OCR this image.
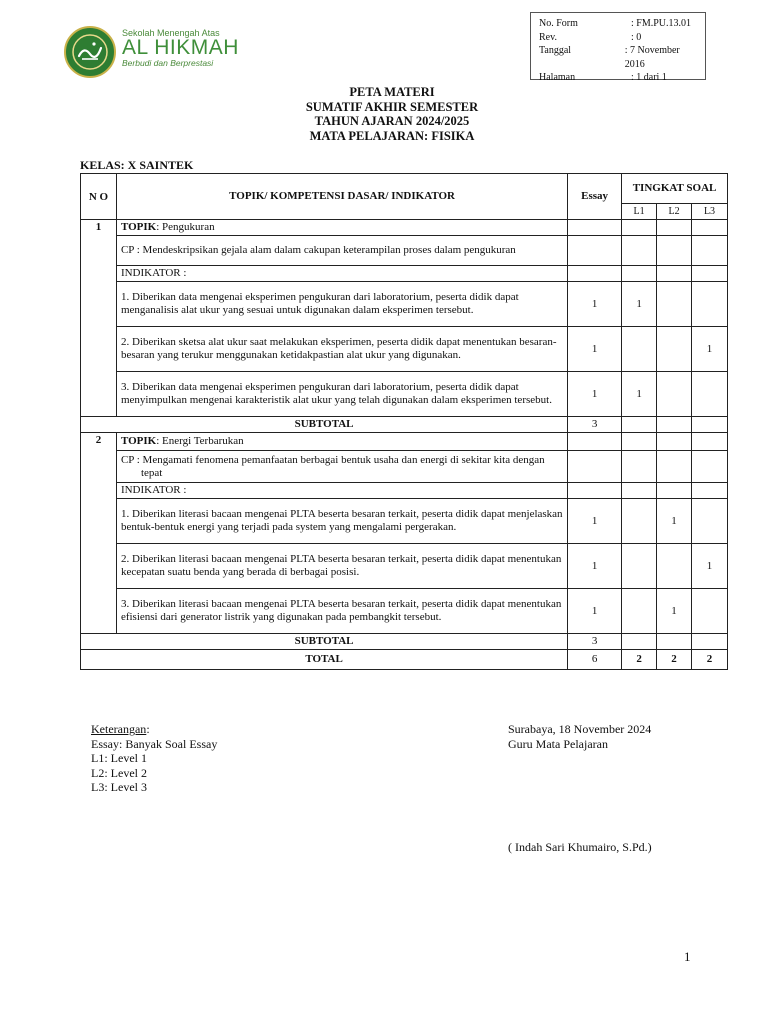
Sekolah Menengah Atas
AL HIKMAH
Berbudi dan Berprestasi
No. Form	: FM.PU.13.01
Rev.	: 0
Tanggal	: 7 November 2016
Halaman	: 1 dari 1
PETA MATERI
SUMATIF AKHIR SEMESTER
TAHUN AJARAN 2024/2025
MATA PELAJARAN: FISIKA
KELAS: X SAINTEK
N O	TOPIK/ KOMPETENSI DASAR/ INDIKATOR	Essay	TINGKAT SOAL		
			L1	L2	L3
1	TOPIK: Pengukuran				
	CP : Mendeskripsikan gejala alam dalam cakupan keterampilan proses dalam pengukuran				
	INDIKATOR :				
	1. Diberikan data mengenai eksperimen pengukuran dari laboratorium, peserta didik dapat menganalisis alat ukur yang sesuai untuk digunakan dalam eksperimen tersebut.	1	1		
	2. Diberikan sketsa alat ukur saat melakukan eksperimen, peserta didik dapat menentukan besaran-besaran yang terukur menggunakan ketidakpastian alat ukur yang digunakan.	1			1
	3. Diberikan data mengenai eksperimen pengukuran dari laboratorium, peserta didik dapat menyimpulkan mengenai karakteristik alat ukur yang telah digunakan dalam eksperimen tersebut.	1	1		
SUBTOTAL		3			
2	TOPIK: Energi Terbarukan				
	CP : Mengamati fenomena pemanfaatan berbagai bentuk usaha dan energi di sekitar kita dengan tepat				
	INDIKATOR :				
	1. Diberikan literasi bacaan mengenai PLTA beserta besaran terkait, peserta didik dapat menjelaskan bentuk-bentuk energi yang terjadi pada system yang mengalami pergerakan.	1		1	
	2. Diberikan literasi bacaan mengenai PLTA beserta besaran terkait, peserta didik dapat menentukan kecepatan suatu benda yang berada di berbagai posisi.	1			1
	3. Diberikan literasi bacaan mengenai PLTA beserta besaran terkait, peserta didik dapat menentukan efisiensi dari generator listrik yang digunakan pada pembangkit tersebut.	1		1	
SUBTOTAL		3			
TOTAL		6	2	2	2
Keterangan:
Essay: Banyak Soal Essay
L1: Level 1
L2: Level 2
L3: Level 3
Surabaya, 18 November 2024
Guru Mata Pelajaran
( Indah Sari Khumairo, S.Pd.)
1
